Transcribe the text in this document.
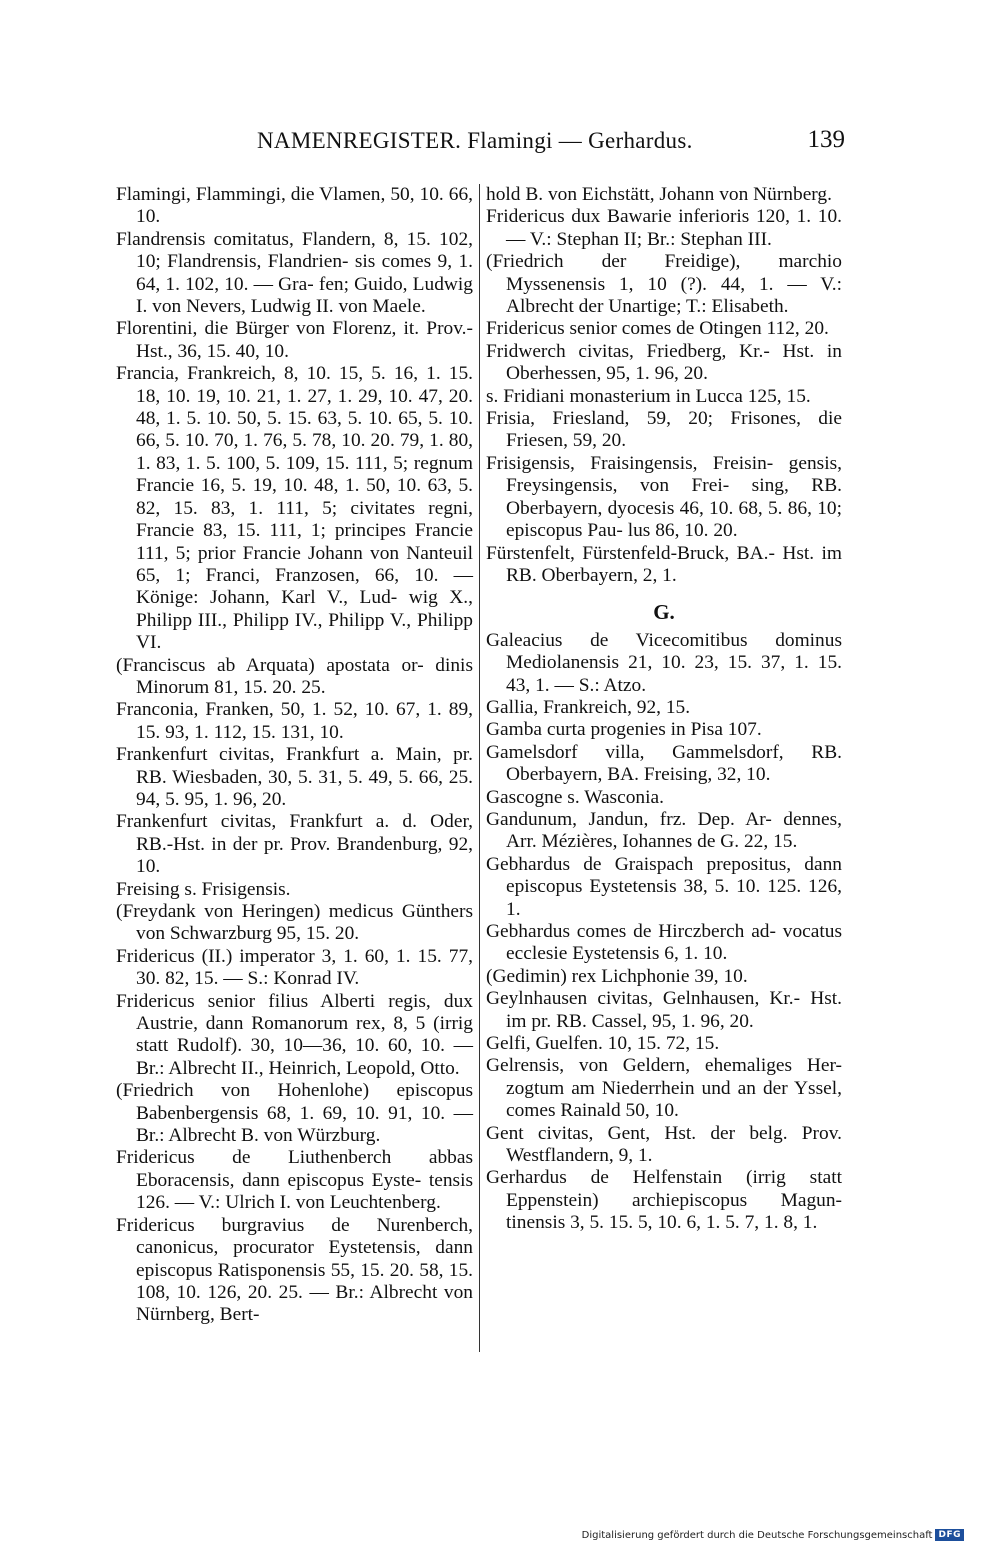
NAMENREGISTER. Flamingi — Gerhardus.	139

Flamingi, Flammingi, die Vlamen, 50, 10. 66, 10.

Flandrensis comitatus, Flandern, 8, 15. 102, 10; Flandrensis, Flandrien- sis comes 9, 1. 64, 1. 102, 10. — Gra- fen; Guido, Ludwig I. von Nevers, Ludwig II. von Maele.

Florentini, die Bürger von Florenz, it. Prov.-Hst., 36, 15. 40, 10.

Francia, Frankreich, 8, 10. 15, 5. 16, 1. 15. 18, 10. 19, 10. 21, 1. 27, 1. 29, 10. 47, 20. 48, 1. 5. 10. 50, 5. 15. 63, 5. 10. 65, 5. 10. 66, 5. 10. 70, 1. 76, 5. 78, 10. 20. 79, 1. 80, 1. 83, 1. 5. 100, 5. 109, 15. 111, 5; regnum Francie 16, 5. 19, 10. 48, 1. 50, 10. 63, 5. 82, 15. 83, 1. 111, 5; civitates regni, Francie 83, 15. 111, 1; principes Francie 111, 5; prior Francie Johann von Nanteuil 65, 1; Franci, Franzosen, 66, 10. — Könige: Johann, Karl V., Lud- wig X., Philipp III., Philipp IV., Philipp V., Philipp VI.

(Franciscus ab Arquata) apostata or- dinis Minorum 81, 15. 20. 25.

Franconia, Franken, 50, 1. 52, 10. 67, 1. 89, 15. 93, 1. 112, 15. 131, 10.

Frankenfurt civitas, Frankfurt a. Main, pr. RB. Wiesbaden, 30, 5. 31, 5. 49, 5. 66, 25. 94, 5. 95, 1. 96, 20.

Frankenfurt civitas, Frankfurt a. d. Oder, RB.-Hst. in der pr. Prov. Brandenburg, 92, 10.

Freising s. Frisigensis.

(Freydank von Heringen) medicus Günthers von Schwarzburg 95, 15. 20.

Fridericus (II.) imperator 3, 1. 60, 1. 15. 77, 30. 82, 15. — S.: Konrad IV.

Fridericus senior filius Alberti regis, dux Austrie, dann Romanorum rex, 8, 5 (irrig statt Rudolf). 30, 10—36, 10. 60, 10. — Br.: Albrecht II., Heinrich, Leopold, Otto.

(Friedrich von Hohenlohe) episcopus Babenbergensis 68, 1. 69, 10. 91, 10. — Br.: Albrecht B. von Würzburg.

Fridericus de Liuthenberch abbas Eboracensis, dann episcopus Eyste- tensis 126. — V.: Ulrich I. von Leuchtenberg.

Fridericus burgravius de Nurenberch, canonicus, procurator Eystetensis, dann episcopus Ratisponensis 55, 15. 20. 58, 15. 108, 10. 126, 20. 25. — Br.: Albrecht von Nürnberg, Bert-

hold B. von Eichstätt, Johann von Nürnberg.

Fridericus dux Bawarie inferioris 120, 1. 10. — V.: Stephan II; Br.: Stephan III.

(Friedrich der Freidige), marchio Myssenensis 1, 10 (?). 44, 1. — V.: Albrecht der Unartige; T.: Elisabeth.

Fridericus senior comes de Otingen 112, 20.

Fridwerch civitas, Friedberg, Kr.- Hst. in Oberhessen, 95, 1. 96, 20.

s. Fridiani monasterium in Lucca 125, 15.

Frisia, Friesland, 59, 20; Frisones, die Friesen, 59, 20.

Frisigensis, Fraisingensis, Freisin- gensis, Freysingensis, von Frei- sing, RB. Oberbayern, dyocesis 46, 10. 68, 5. 86, 10; episcopus Pau- lus 86, 10. 20.

Fürstenfelt, Fürstenfeld-Bruck, BA.- Hst. im RB. Oberbayern, 2, 1.

G.

Galeacius de Vicecomitibus dominus Mediolanensis 21, 10. 23, 15. 37, 1. 15. 43, 1. — S.: Atzo.

Gallia, Frankreich, 92, 15.

Gamba curta progenies in Pisa 107.

Gamelsdorf villa, Gammelsdorf, RB. Oberbayern, BA. Freising, 32, 10.

Gascogne s. Wasconia.

Gandunum, Jandun, frz. Dep. Ar- dennes, Arr. Mézières, Iohannes de G. 22, 15.

Gebhardus de Graispach prepositus, dann episcopus Eystetensis 38, 5. 10. 125. 126, 1.

Gebhardus comes de Hirczberch ad- vocatus ecclesie Eystetensis 6, 1. 10.

(Gedimin) rex Lichphonie 39, 10.

Geylnhausen civitas, Gelnhausen, Kr.- Hst. im pr. RB. Cassel, 95, 1. 96, 20.

Gelfi, Guelfen. 10, 15. 72, 15.

Gelrensis, von Geldern, ehemaliges Her- zogtum am Niederrhein und an der Yssel, comes Rainald 50, 10.

Gent civitas, Gent, Hst. der belg. Prov. Westflandern, 9, 1.

Gerhardus de Helfenstain (irrig statt Eppenstein) archiepiscopus Magun- tinensis 3, 5. 15. 5, 10. 6, 1. 5. 7, 1. 8, 1.

Digitalisierung gefördert durch die Deutsche Forschungsgemeinschaft DFG
